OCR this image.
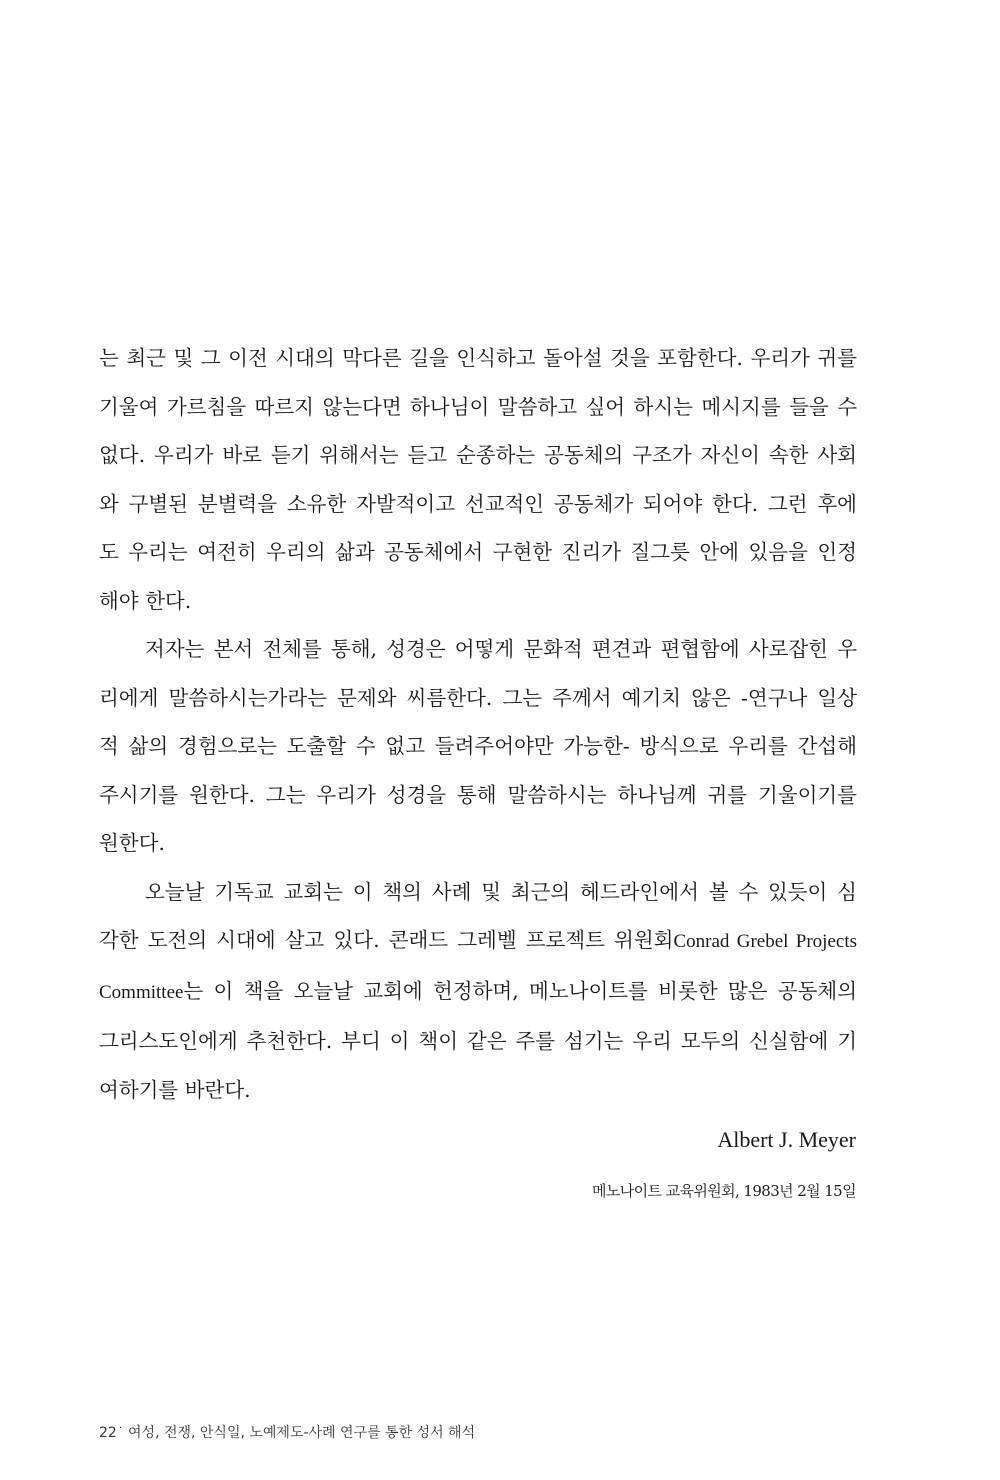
는 최근 및 그 이전 시대의 막다른 길을 인식하고 돌아설 것을 포함한다. 우리가 귀를
기울여 가르침을 따르지 않는다면 하나님이 말씀하고 싶어 하시는 메시지를 들을 수
없다. 우리가 바로 듣기 위해서는 듣고 순종하는 공동체의 구조가 자신이 속한 사회
와 구별된 분별력을 소유한 자발적이고 선교적인 공동체가 되어야 한다. 그런 후에
도 우리는 여전히 우리의 삶과 공동체에서 구현한 진리가 질그릇 안에 있음을 인정
해야 한다.
저자는 본서 전체를 통해, 성경은 어떻게 문화적 편견과 편협함에 사로잡힌 우
리에게 말씀하시는가라는 문제와 씨름한다. 그는 주께서 예기치 않은 -연구나 일상
적 삶의 경험으로는 도출할 수 없고 들려주어야만 가능한- 방식으로 우리를 간섭해
주시기를 원한다. 그는 우리가 성경을 통해 말씀하시는 하나님께 귀를 기울이기를
원한다.
오늘날 기독교 교회는 이 책의 사례 및 최근의 헤드라인에서 볼 수 있듯이 심
각한 도전의 시대에 살고 있다. 콘래드 그레벨 프로젝트 위원회Conrad Grebel Projects
Committee는 이 책을 오늘날 교회에 헌정하며, 메노나이트를 비롯한 많은 공동체의
그리스도인에게 추천한다. 부디 이 책이 같은 주를 섬기는 우리 모두의 신실함에 기
여하기를 바란다.
Albert J. Meyer
메노나이트 교육위원회, 1983년 2월 15일
22 · 여성, 전쟁, 안식일, 노예제도-사례 연구를 통한 성서 해석
